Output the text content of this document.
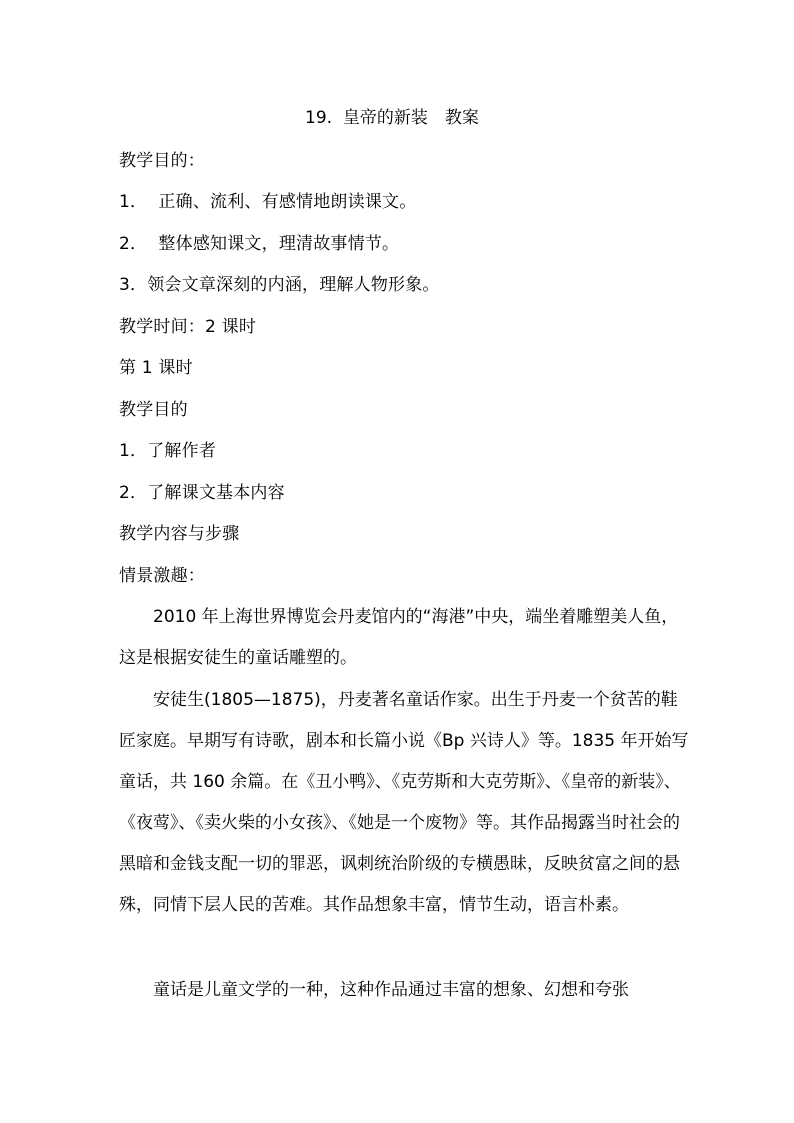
19.  皇帝的新装　教案
教学目的：
1．  正确、流利、有感情地朗读课文。
2．  整体感知课文，理清故事情节。
3．领会文章深刻的内涵，理解人物形象。
教学时间：2 课时
第 1 课时
教学目的
1．了解作者
2．了解课文基本内容
教学内容与步骤
情景激趣：
　　2010 年上海世界博览会丹麦馆内的“海港”中央，端坐着雕塑美人鱼，这是根据安徒生的童话雕塑的。
　　安徒生(1805—1875)，丹麦著名童话作家。出生于丹麦一个贫苦的鞋匠家庭。早期写有诗歌，剧本和长篇小说《Bp 兴诗人》等。1835 年开始写童话，共 160 余篇。在《丑小鸭》、《克劳斯和大克劳斯》、《皇帝的新装》、《夜莺》、《卖火柴的小女孩》、《她是一个废物》等。其作品揭露当时社会的黑暗和金钱支配一切的罪恶，讽刺统治阶级的专横愚昧，反映贫富之间的悬殊，同情下层人民的苦难。其作品想象丰富，情节生动，语言朴素。
　　童话是儿童文学的一种，这种作品通过丰富的想象、幻想和夸张
